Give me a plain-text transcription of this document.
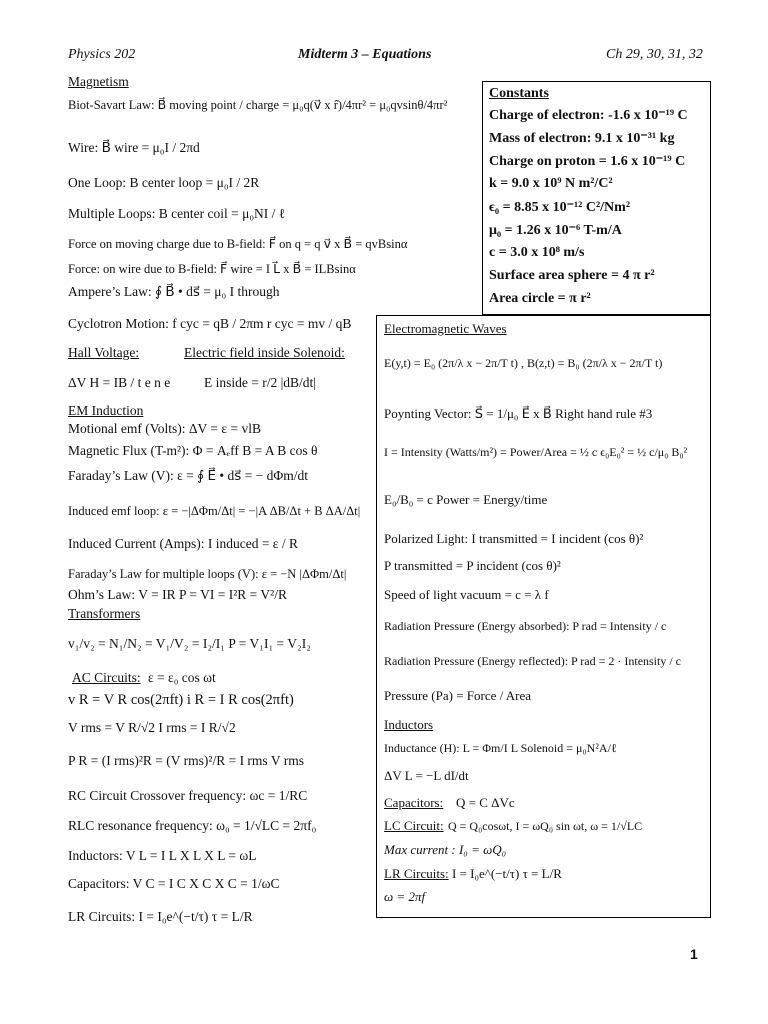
Physics 202	Midterm 3 – Equations	Ch 29, 30, 31, 32
Magnetism
Biot-Savart Law: B⃗ moving point / charge = μ₀q(v⃗ x r̂)/4πr² = μ₀qvsinθ/4πr²
Wire: B⃗ wire = μ₀I / 2πd
One Loop: B center loop = μ₀I / 2R
Multiple Loops: B center coil = μ₀NI / ℓ
Force on moving charge due to B-field: F⃗ on q = q v⃗ x B⃗ = qvBsinα
Force: on wire due to B-field: F⃗ wire = I L⃗ x B⃗ = ILBsinα
Ampere’s Law: ∮ B⃗ • ds⃗ = μ₀ I through
Cyclotron Motion: f cyc = qB / 2πm r cyc = mv / qB
Hall Voltage:	Electric field inside Solenoid:
ΔV H = IB / t e n e E inside = r/2 |dB/dt|
EM Induction
Motional emf (Volts): ΔV = ε = vlB
Magnetic Flux (T-m²): Φ = Aₑff B = A B cos θ
Faraday’s Law (V): ε = ∮ E⃗ • ds⃗ = − dΦm/dt
Induced emf loop: ε = −|ΔΦm/Δt| = −|A ΔB/Δt + B ΔA/Δt|
Induced Current (Amps): I induced = ε / R
Faraday’s Law for multiple loops (V): ε = −N |ΔΦm/Δt|
Ohm’s Law: V = IR P = VI = I²R = V²/R
Transformers
v₁/v₂ = N₁/N₂ = V₁/V₂ = I₂/I₁ P = V₁I₁ = V₂I₂
AC Circuits: ε = ε₀ cos ωt
v R = V R cos(2πft) i R = I R cos(2πft)
V rms = V R/√2 I rms = I R/√2
P R = (I rms)²R = (V rms)²/R = I rms V rms
RC Circuit Crossover frequency: ωc = 1/RC
RLC resonance frequency: ω₀ = 1/√LC = 2πf₀
Inductors: V L = I L X L X L = ωL
Capacitors: V C = I C X C X C = 1/ωC
LR Circuits: I = I₀e^(−t/τ) τ = L/R
Constants
Charge of electron: -1.6 x 10⁻¹⁹ C
Mass of electron: 9.1 x 10⁻³¹ kg
Charge on proton = 1.6 x 10⁻¹⁹ C
k = 9.0 x 10⁹ N m²/C²
ϵ₀ = 8.85 x 10⁻¹² C²/Nm²
μ₀ = 1.26 x 10⁻⁶ T-m/A
c = 3.0 x 10⁸ m/s
Surface area sphere = 4 π r²
Area circle = π r²
Electromagnetic Waves
E(y,t) = E₀ (2π/λ x − 2π/T t) , B(z,t) = B₀ (2π/λ x − 2π/T t)
Poynting Vector: S⃗ = 1/μ₀ E⃗ x B⃗ Right hand rule #3
I = Intensity (Watts/m²) = Power/Area = ½ c ϵ₀E₀² = ½ c/μ₀ B₀²
E₀/B₀ = c Power = Energy/time
Polarized Light: I transmitted = I incident (cos θ)²
P transmitted = P incident (cos θ)²
Speed of light vacuum = c = λ f
Radiation Pressure (Energy absorbed): P rad = Intensity / c
Radiation Pressure (Energy reflected): P rad = 2 · Intensity / c
Pressure (Pa) = Force / Area
Inductors
Inductance (H): L = Φm/I L Solenoid = μ₀N²A/ℓ
ΔV L = −L dI/dt
Capacitors: Q = C ΔVc
LC Circuit: Q = Q₀cosωt, I = ωQ₀ sin ωt, ω = 1/√LC
Max current : I₀ = ωQ₀
LR Circuits: I = I₀e^(−t/τ) τ = L/R
ω = 2πf
1
